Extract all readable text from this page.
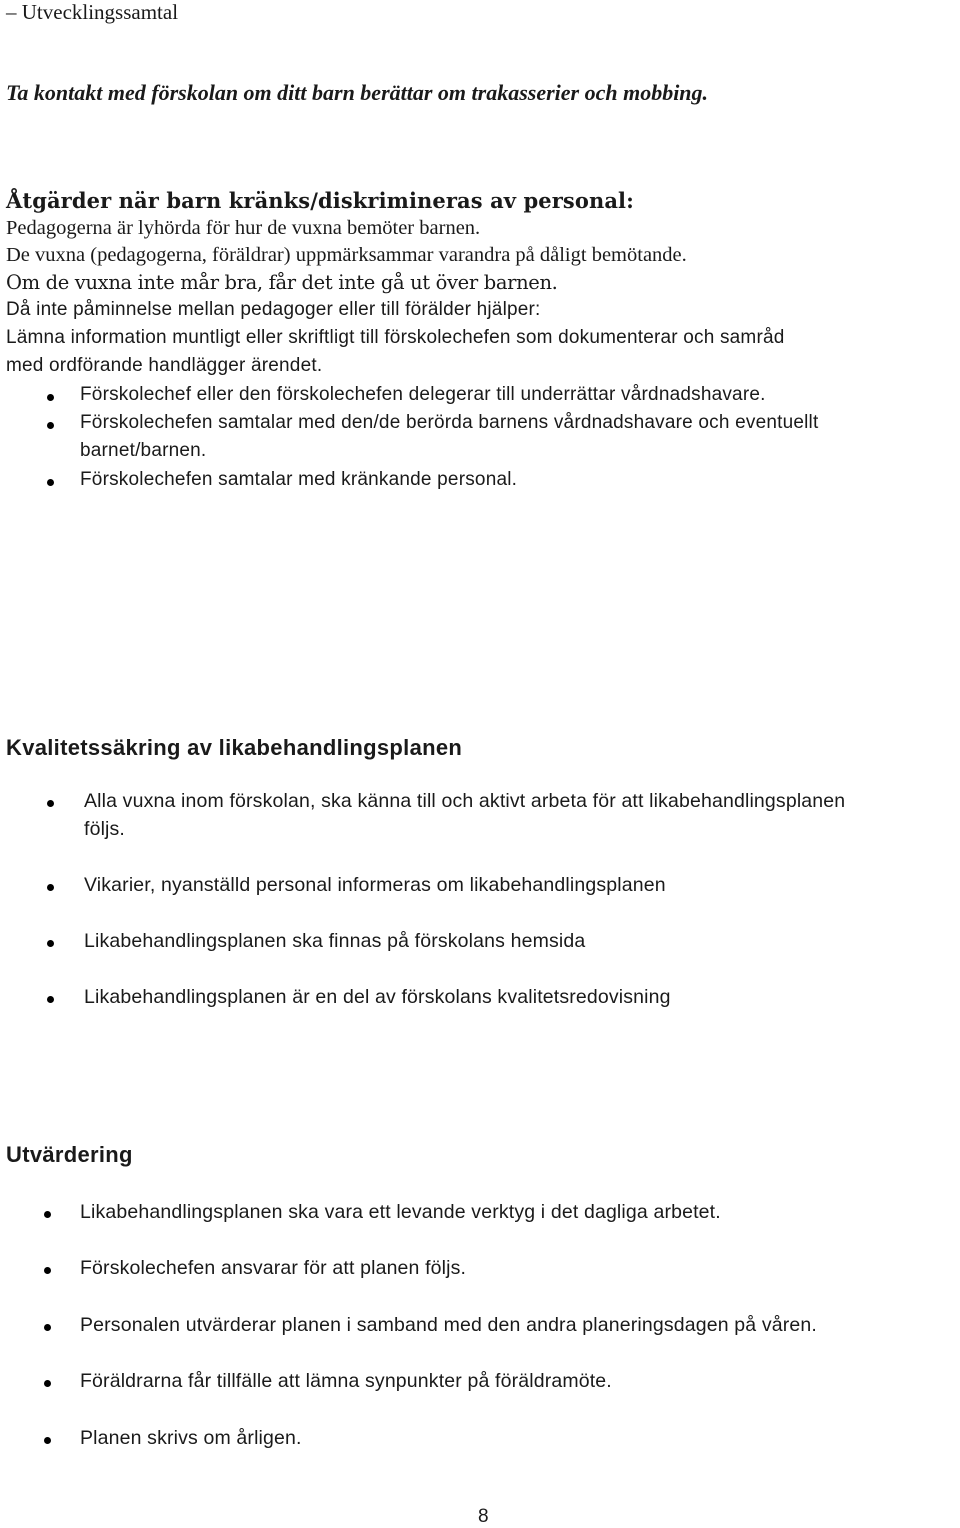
– Utvecklingssamtal
Ta kontakt med förskolan om ditt barn berättar om trakasserier och mobbing.
Åtgärder när barn kränks/diskrimineras av personal:
Pedagogerna är lyhörda för hur de vuxna bemöter barnen.
De vuxna (pedagogerna, föräldrar) uppmärksammar varandra på dåligt bemötande.
Om de vuxna inte mår bra, får det inte gå ut över barnen.
Då inte påminnelse mellan pedagoger eller till förälder hjälper:
Lämna information muntligt eller skriftligt till förskolechefen som dokumenterar och samråd
med ordförande handlägger ärendet.
Förskolechef eller den förskolechefen delegerar till underrättar vårdnadshavare.
Förskolechefen samtalar med den/de berörda barnens vårdnadshavare och eventuellt
barnet/barnen.
Förskolechefen samtalar med kränkande personal.
Kvalitetssäkring av likabehandlingsplanen
Alla vuxna inom förskolan, ska känna till och aktivt arbeta för att likabehandlingsplanen
följs.
Vikarier, nyanställd personal informeras om likabehandlingsplanen
Likabehandlingsplanen ska finnas på förskolans hemsida
Likabehandlingsplanen är en del av förskolans kvalitetsredovisning
Utvärdering
Likabehandlingsplanen ska vara ett levande verktyg i det dagliga arbetet.
Förskolechefen ansvarar för att planen följs.
Personalen utvärderar planen i samband med den andra planeringsdagen på våren.
Föräldrarna får tillfälle att lämna synpunkter på föräldramöte.
Planen skrivs om årligen.
8
